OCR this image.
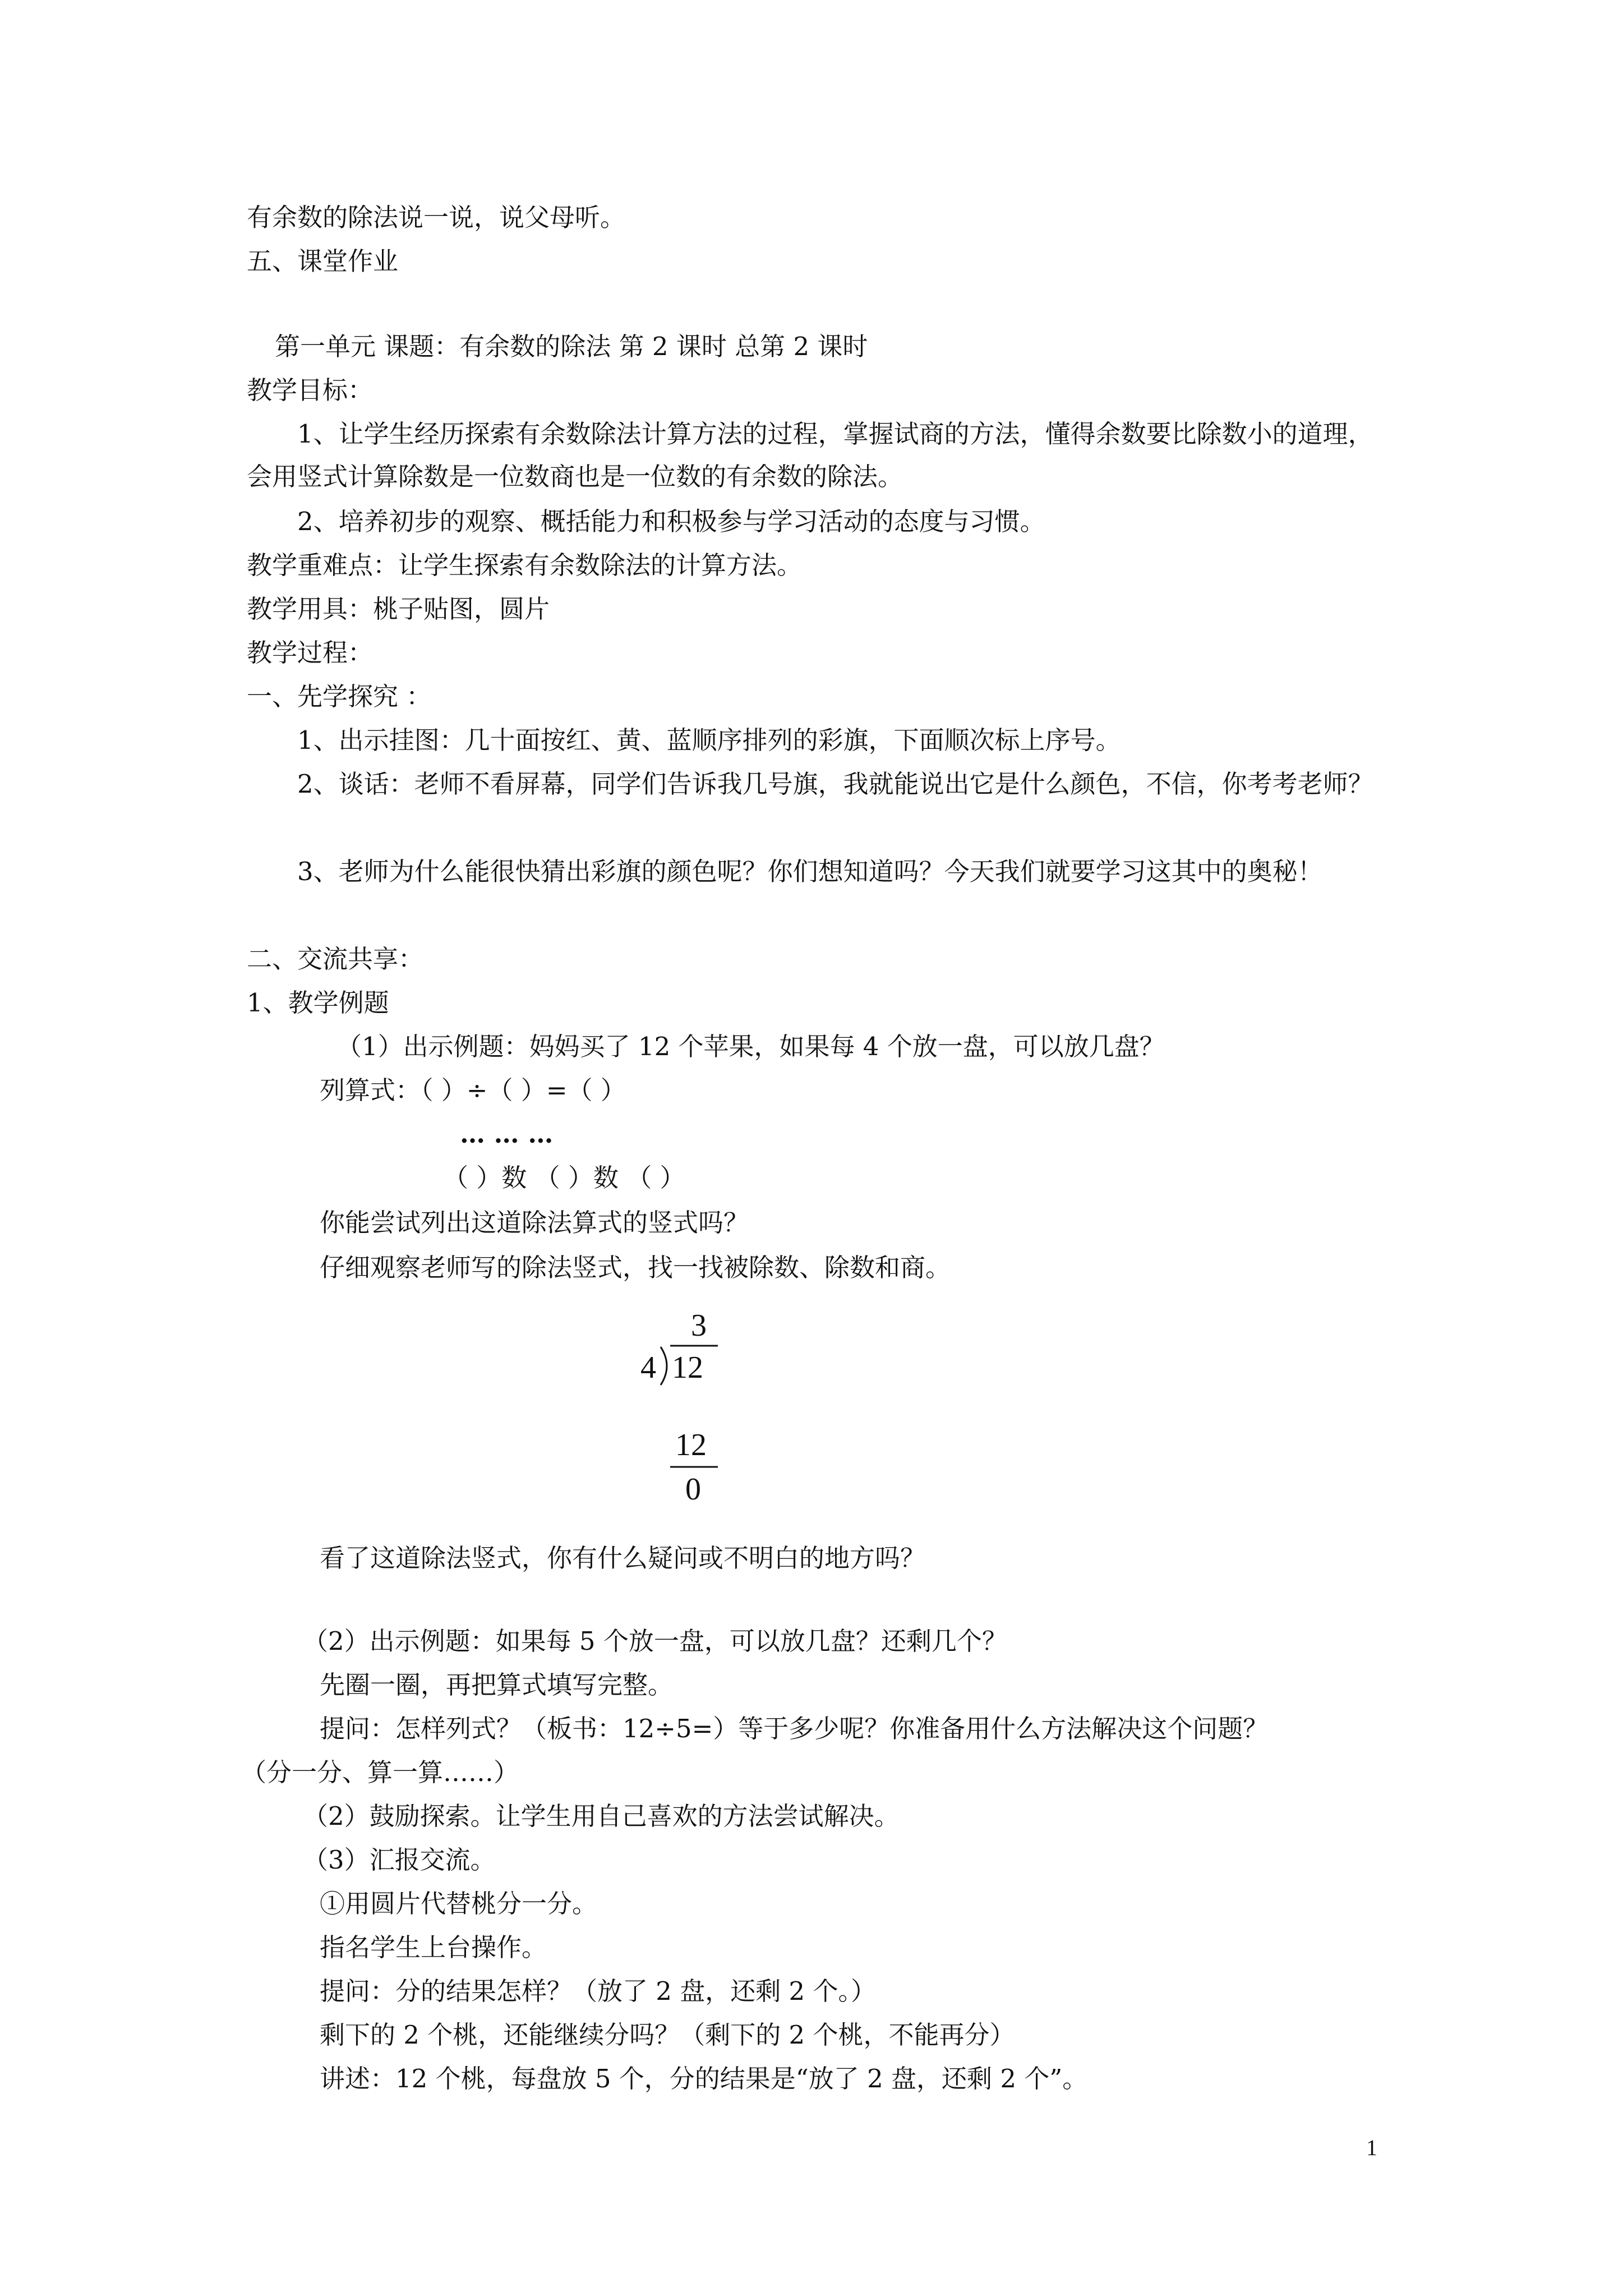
有余数的除法说一说，说父母听。

五、课堂作业

第一单元 课题：有余数的除法 第 2 课时 总第 2 课时

教学目标：

1、让学生经历探索有余数除法计算方法的过程，掌握试商的方法，懂得余数要比除数小的道理，会用竖式计算除数是一位数商也是一位数的有余数的除法。

2、培养初步的观察、概括能力和积极参与学习活动的态度与习惯。

教学重难点：让学生探索有余数除法的计算方法。

教学用具：桃子贴图，圆片

教学过程：

一、先学探究 ：

1、出示挂图：几十面按红、黄、蓝顺序排列的彩旗，下面顺次标上序号。

2、谈话：老师不看屏幕，同学们告诉我几号旗，我就能说出它是什么颜色，不信，你考考老师？

3、老师为什么能很快猜出彩旗的颜色呢？你们想知道吗？今天我们就要学习这其中的奥秘！

二、交流共享：

1、教学例题

（1）出示例题：妈妈买了 12 个苹果，如果每 4 个放一盘，可以放几盘？

列算式：（ ）÷（ ）=（ ）

… … …

（ ）数 （ ）数 （ ）

你能尝试列出这道除法算式的竖式吗？

仔细观察老师写的除法竖式，找一找被除数、除数和商。

3

4 12

12

0

看了这道除法竖式，你有什么疑问或不明白的地方吗？

（2）出示例题：如果每 5 个放一盘，可以放几盘？还剩几个？

先圈一圈，再把算式填写完整。

提问：怎样列式？（板书：12÷5=）等于多少呢？你准备用什么方法解决这个问题？

（分一分、算一算……）

（2）鼓励探索。让学生用自己喜欢的方法尝试解决。

（3）汇报交流。

①用圆片代替桃分一分。

指名学生上台操作。

提问：分的结果怎样？（放了 2 盘，还剩 2 个。）

剩下的 2 个桃，还能继续分吗？（剩下的 2 个桃，不能再分）

讲述：12 个桃，每盘放 5 个，分的结果是“放了 2 盘，还剩 2 个”。

1
